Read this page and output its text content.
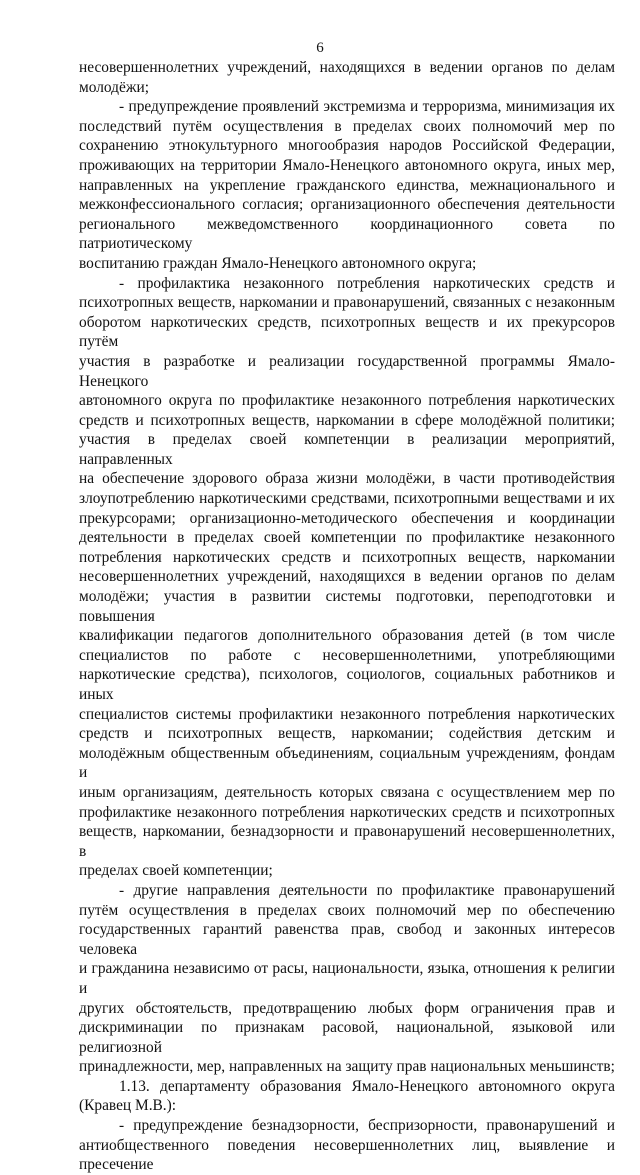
6

несовершеннолетних учреждений, находящихся в ведении органов по делам

молодёжи;

- предупреждение проявлений экстремизма и терроризма, минимизация их

последствий путём осуществления в пределах своих полномочий мер по

сохранению этнокультурного многообразия народов Российской Федерации,

проживающих на территории Ямало-Ненецкого автономного округа, иных мер,

направленных на укрепление гражданского единства, межнационального и

межконфессионального согласия; организационного обеспечения деятельности

регионального межведомственного координационного совета по патриотическому

воспитанию граждан Ямало-Ненецкого автономного округа;

- профилактика незаконного потребления наркотических средств и

психотропных веществ, наркомании и правонарушений, связанных с незаконным

оборотом наркотических средств, психотропных веществ и их прекурсоров путём

участия в разработке и реализации государственной программы Ямало-Ненецкого

автономного округа по профилактике незаконного потребления наркотических

средств и психотропных веществ, наркомании в сфере молодёжной политики;

участия в пределах своей компетенции в реализации мероприятий, направленных

на обеспечение здорового образа жизни молодёжи, в части противодействия

злоупотреблению наркотическими средствами, психотропными веществами и их

прекурсорами; организационно-методического обеспечения и координации

деятельности в пределах своей компетенции по профилактике незаконного

потребления наркотических средств и психотропных веществ, наркомании

несовершеннолетних учреждений, находящихся в ведении органов по делам

молодёжи; участия в развитии системы подготовки, переподготовки и повышения

квалификации педагогов дополнительного образования детей (в том числе

специалистов по работе с несовершеннолетними, употребляющими

наркотические средства), психологов, социологов, социальных работников и иных

специалистов системы профилактики незаконного потребления наркотических

средств и психотропных веществ, наркомании; содействия детским и

молодёжным общественным объединениям, социальным учреждениям, фондам и

иным организациям, деятельность которых связана с осуществлением мер по

профилактике незаконного потребления наркотических средств и психотропных

веществ, наркомании, безнадзорности и правонарушений несовершеннолетних, в

пределах своей компетенции;

- другие направления деятельности по профилактике правонарушений

путём осуществления в пределах своих полномочий мер по обеспечению

государственных гарантий равенства прав, свобод и законных интересов человека

и гражданина независимо от расы, национальности, языка, отношения к религии и

других обстоятельств, предотвращению любых форм ограничения прав и

дискриминации по признакам расовой, национальной, языковой или религиозной

принадлежности, мер, направленных на защиту прав национальных меньшинств;

1.13. департаменту образования Ямало-Ненецкого автономного округа

(Кравец М.В.):

- предупреждение безнадзорности, беспризорности, правонарушений и

антиобщественного поведения несовершеннолетних лиц, выявление и пресечение
